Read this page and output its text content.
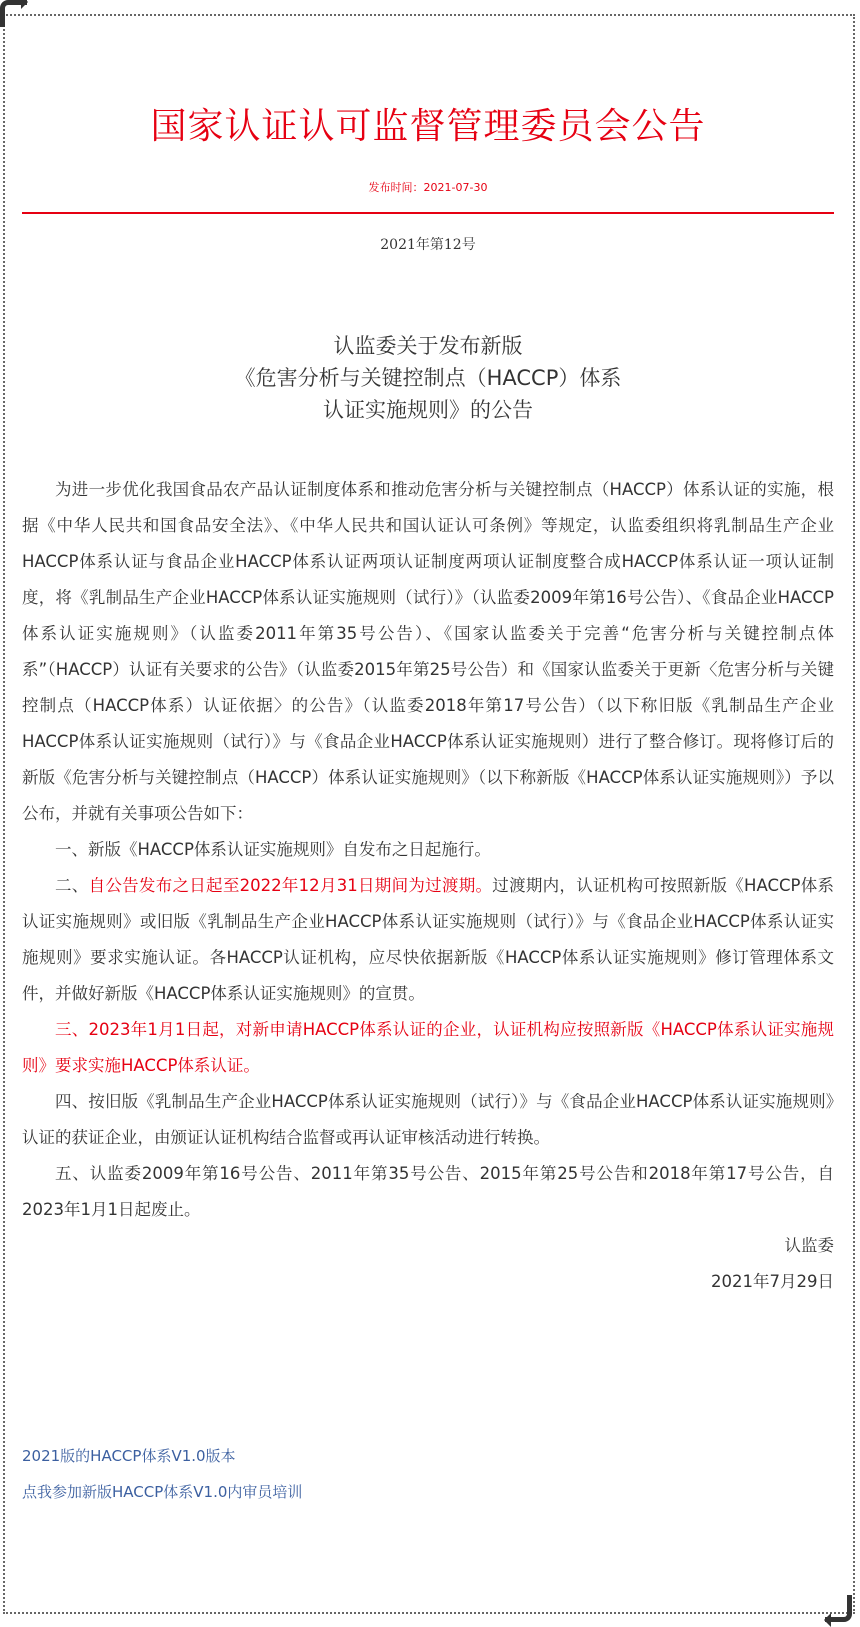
国家认证认可监督管理委员会公告
发布时间：2021-07-30
2021年第12号
认监委关于发布新版
《危害分析与关键控制点（HACCP）体系
认证实施规则》的公告

为进一步优化我国食品农产品认证制度体系和推动危害分析与关键控制点（HACCP）体系认证的实施，根据《中华人民共和国食品安全法》、《中华人民共和国认证认可条例》等规定，认监委组织将乳制品生产企业HACCP体系认证与食品企业HACCP体系认证两项认证制度两项认证制度整合成HACCP体系认证一项认证制度，将《乳制品生产企业HACCP体系认证实施规则（试行）》（认监委2009年第16号公告）、《食品企业HACCP体系认证实施规则》（认监委2011年第35号公告）、《国家认监委关于完善“危害分析与关键控制点体系”（HACCP）认证有关要求的公告》（认监委2015年第25号公告）和《国家认监委关于更新〈危害分析与关键控制点（HACCP体系）认证依据〉的公告》（认监委2018年第17号公告）（以下称旧版《乳制品生产企业HACCP体系认证实施规则（试行）》与《食品企业HACCP体系认证实施规则）进行了整合修订。现将修订后的新版《危害分析与关键控制点（HACCP）体系认证实施规则》（以下称新版《HACCP体系认证实施规则》）予以公布，并就有关事项公告如下：

一、新版《HACCP体系认证实施规则》自发布之日起施行。

二、自公告发布之日起至2022年12月31日期间为过渡期。过渡期内，认证机构可按照新版《HACCP体系认证实施规则》或旧版《乳制品生产企业HACCP体系认证实施规则（试行）》与《食品企业HACCP体系认证实施规则》要求实施认证。各HACCP认证机构，应尽快依据新版《HACCP体系认证实施规则》修订管理体系文件，并做好新版《HACCP体系认证实施规则》的宣贯。

三、2023年1月1日起，对新申请HACCP体系认证的企业，认证机构应按照新版《HACCP体系认证实施规则》要求实施HACCP体系认证。

四、按旧版《乳制品生产企业HACCP体系认证实施规则（试行）》与《食品企业HACCP体系认证实施规则》认证的获证企业，由颁证认证机构结合监督或再认证审核活动进行转换。

五、认监委2009年第16号公告、2011年第35号公告、2015年第25号公告和2018年第17号公告，自2023年1月1日起废止。

认监委

2021年7月29日

2021版的HACCP体系V1.0版本
点我参加新版HACCP体系V1.0内审员培训
